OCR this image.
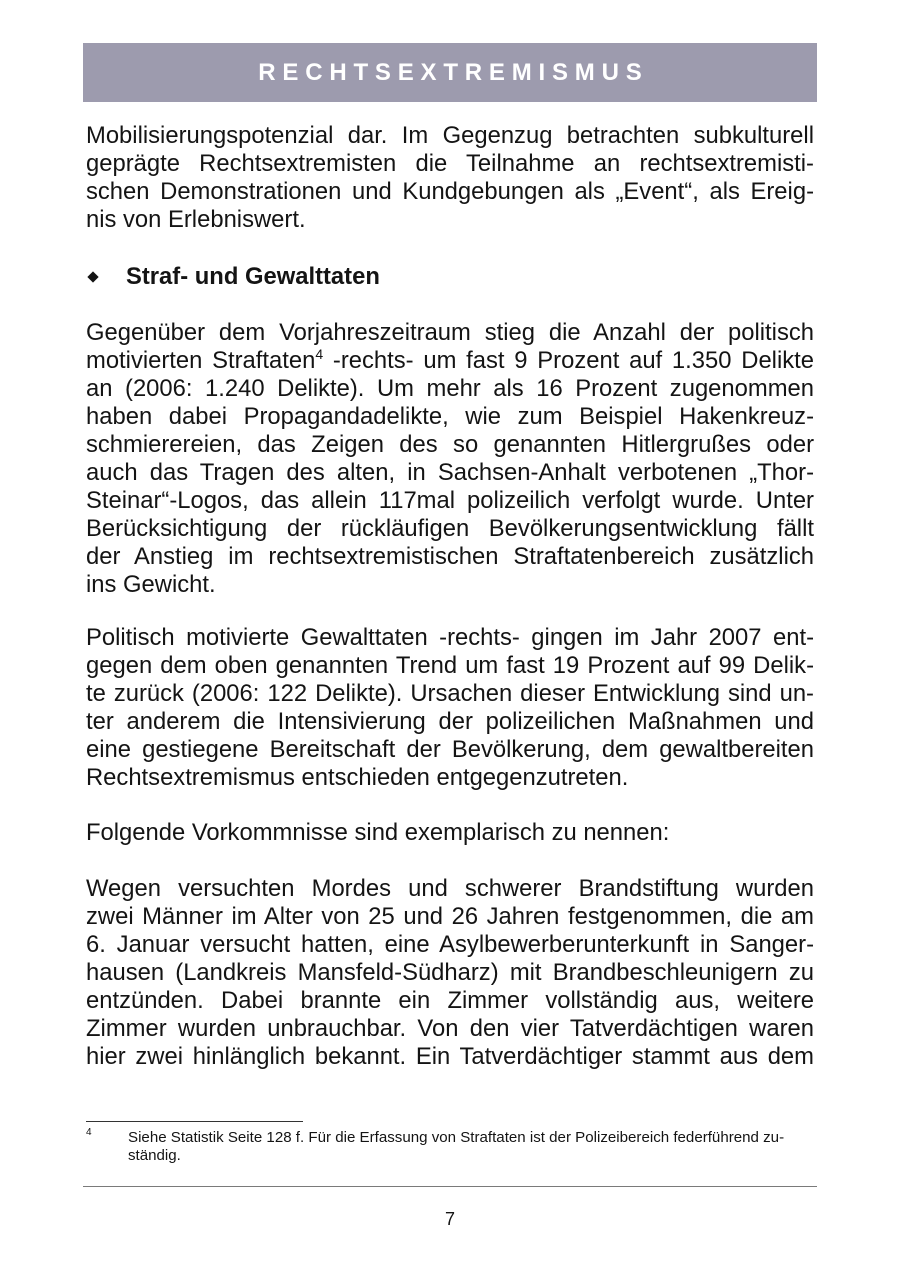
RECHTSEXTREMISMUS
Mobilisierungspotenzial dar. Im Gegenzug betrachten subkulturell
geprägte Rechtsextremisten die Teilnahme an rechtsextremisti-
schen Demonstrationen und Kundgebungen als „Event“, als Ereig-
nis von Erlebniswert.
Straf- und Gewalttaten
Gegenüber dem Vorjahreszeitraum stieg die Anzahl der politisch
motivierten Straftaten$^4$ -rechts- um fast 9 Prozent auf 1.350 Delikte
an (2006: 1.240 Delikte). Um mehr als 16 Prozent zugenommen
haben dabei Propagandadelikte, wie zum Beispiel Hakenkreuz-
schmierereien, das Zeigen des so genannten Hitlergrußes oder
auch das Tragen des alten, in Sachsen-Anhalt verbotenen „Thor-
Steinar“-Logos, das allein 117mal polizeilich verfolgt wurde. Unter
Berücksichtigung der rückläufigen Bevölkerungsentwicklung fällt
der Anstieg im rechtsextremistischen Straftatenbereich zusätzlich
ins Gewicht.
Politisch motivierte Gewalttaten -rechts- gingen im Jahr 2007 ent-
gegen dem oben genannten Trend um fast 19 Prozent auf 99 Delik-
te zurück (2006: 122 Delikte). Ursachen dieser Entwicklung sind un-
ter anderem die Intensivierung der polizeilichen Maßnahmen und
eine gestiegene Bereitschaft der Bevölkerung, dem gewaltbereiten
Rechtsextremismus entschieden entgegenzutreten.
Folgende Vorkommnisse sind exemplarisch zu nennen:
Wegen versuchten Mordes und schwerer Brandstiftung wurden
zwei Männer im Alter von 25 und 26 Jahren festgenommen, die am
6. Januar versucht hatten, eine Asylbewerberunterkunft in Sanger-
hausen (Landkreis Mansfeld-Südharz) mit Brandbeschleunigern zu
entzünden. Dabei brannte ein Zimmer vollständig aus, weitere
Zimmer wurden unbrauchbar. Von den vier Tatverdächtigen waren
hier zwei hinlänglich bekannt. Ein Tatverdächtiger stammt aus dem
4 Siehe Statistik Seite 128 f. Für die Erfassung von Straftaten ist der Polizeibereich federführend zu-
ständig.
7
